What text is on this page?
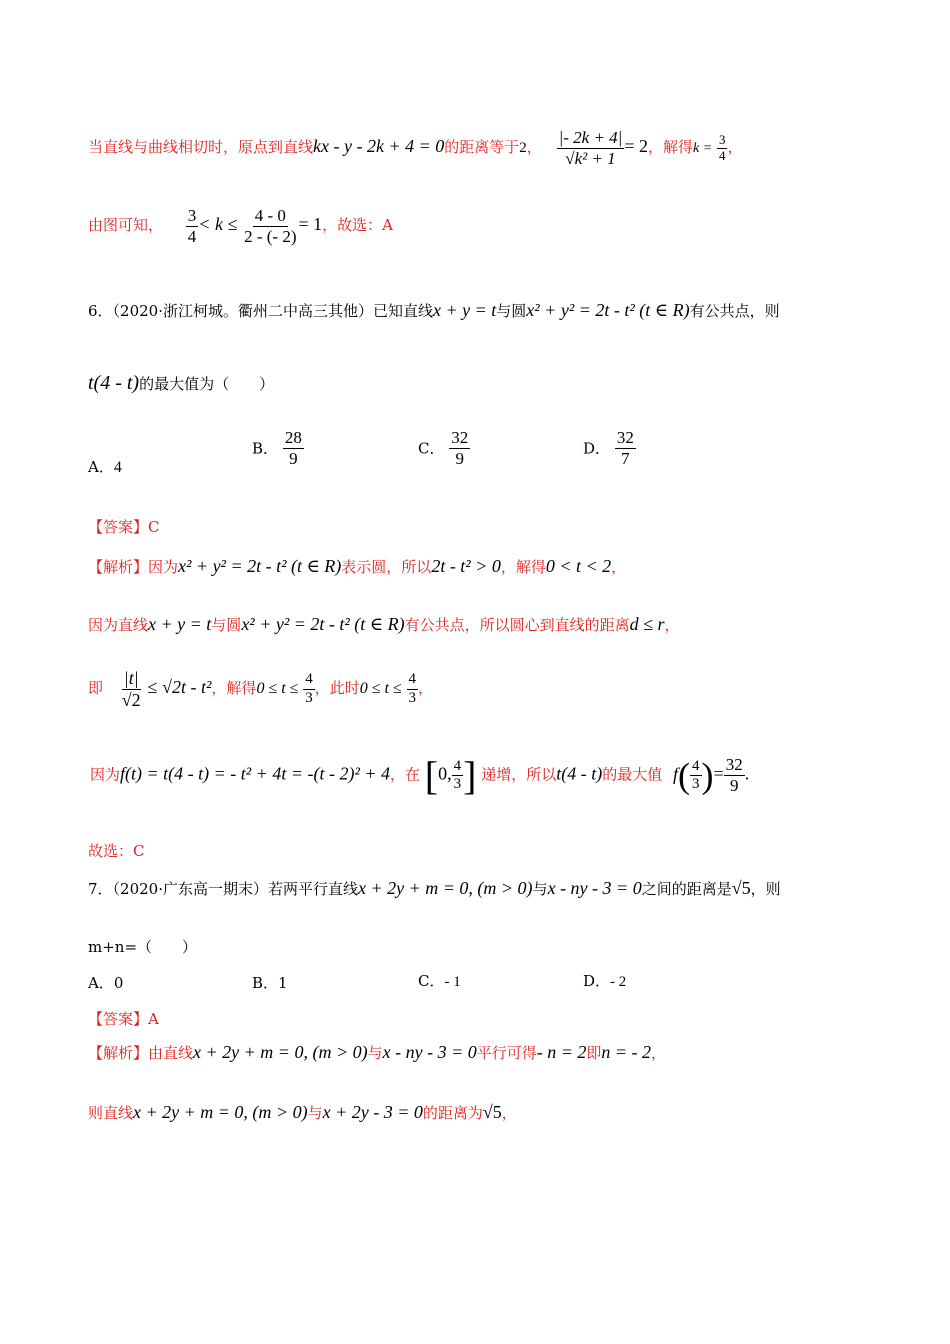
当直线与曲线相切时，原点到直线kx - y - 2k + 4 = 0的距离等于2， $\frac{|- 2k + 4|}{\text{√k² + 1}} = 2$，解得$k = \frac{3}{4}$ ，
由图可知， $\frac{3}{4} < k \le \frac{4 - 0}{2 - (- 2)} = 1$，故选：A
6．（2020·浙江柯城。衢州二中高三其他）已知直线x + y = t与圆x² + y² = 2t - t² (t ∈ R)有公共点，则
t(4 - t)的最大值为（　　）
A．4
B． $\frac{28}{9}$	C． $\frac{32}{9}$	D． $\frac{32}{7}$
【答案】C
【解析】因为x² + y² = 2t - t² (t ∈ R)表示圆，所以2t - t² > 0，解得0 < t < 2，
因为直线x + y = t与圆x² + y² = 2t - t² (t ∈ R)有公共点，所以圆心到直线的距离d ≤ r，
即 $\frac{|t|}{√2} \le √2t - t^2$，解得$0 \le t \le \frac{4}{3}$ ，此时$0 \le t \le \frac{4}{3}$ ，
因为f(t) = t(4 - t) = - t² + 4t = -(t - 2)² + 4，在 [0, $\frac{4}{3}$ ] 递增，所以t(4 - t)的最大值 $f( \frac{4}{3}$ )= $\frac{32}{9}$ .
故选：C
7．（2020·广东高一期末）若两平行直线x + 2y + m = 0, (m > 0)与x - ny - 3 = 0之间的距离是√5，则
m+n=（　　）
A．0	B．1	C．- 1	D．- 2
【答案】A
【解析】由直线x + 2y + m = 0, (m > 0)与x - ny - 3 = 0平行可得- n = 2即n = - 2，
则直线x + 2y + m = 0, (m > 0)与x + 2y - 3 = 0的距离为√5，
